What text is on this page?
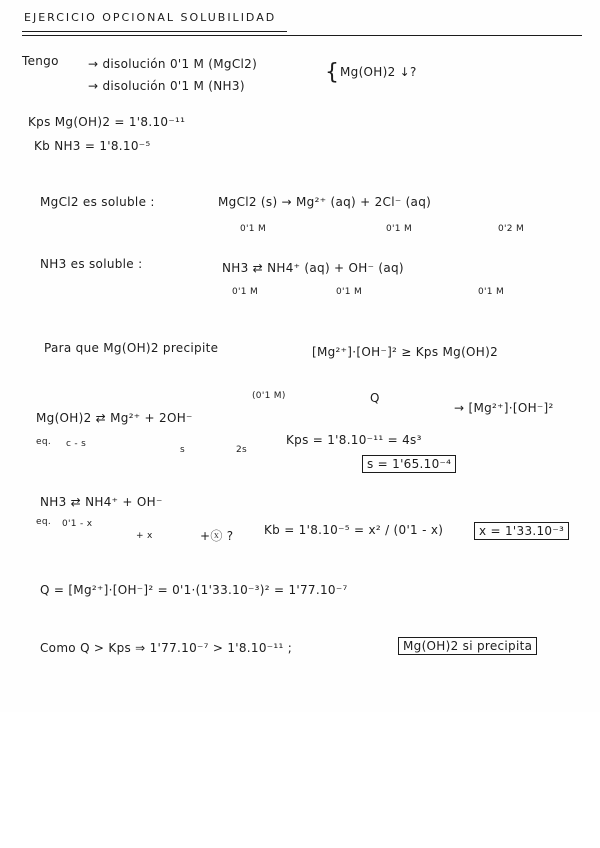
EJERCICIO OPCIONAL SOLUBILIDAD
Tengo → disolución 0'1 M (MgCl2)
→ disolución 0'1 M (NH3)
{ Mg(OH)2 ↓?
Kps Mg(OH)2 = 1'8.10⁻¹¹
Kb NH3 = 1'8.10⁻⁵
MgCl2 es soluble :	MgCl2 (s) → Mg²⁺ (aq) + 2Cl⁻ (aq)
0'1 M	0'1 M	0'2 M
NH3 es soluble :	NH3 ⇄ NH4⁺ (aq) + OH⁻ (aq)
0'1 M	0'1 M	0'1 M
Para que Mg(OH)2 precipite	[Mg²⁺]·[OH⁻]² ≥ Kps Mg(OH)2
(0'1 M)	Q
Mg(OH)2 ⇄ Mg²⁺ + 2OH⁻
→ [Mg²⁺]·[OH⁻]²
eq. c - s
s	2s
Kps = 1'8.10⁻¹¹ = 4s³
s = 1'65.10⁻⁴
NH3 ⇄ NH4⁺ + OH⁻
eq. 0'1 - x
+ x	+ⓧ ?	Kb = 1'8.10⁻⁵ = x² / (0'1 - x)	x = 1'33.10⁻³
Q = [Mg²⁺]·[OH⁻]² = 0'1·(1'33.10⁻³)² = 1'77.10⁻⁷
Como Q > Kps ⇒ 1'77.10⁻⁷ > 1'8.10⁻¹¹ ;	Mg(OH)2 si precipita
